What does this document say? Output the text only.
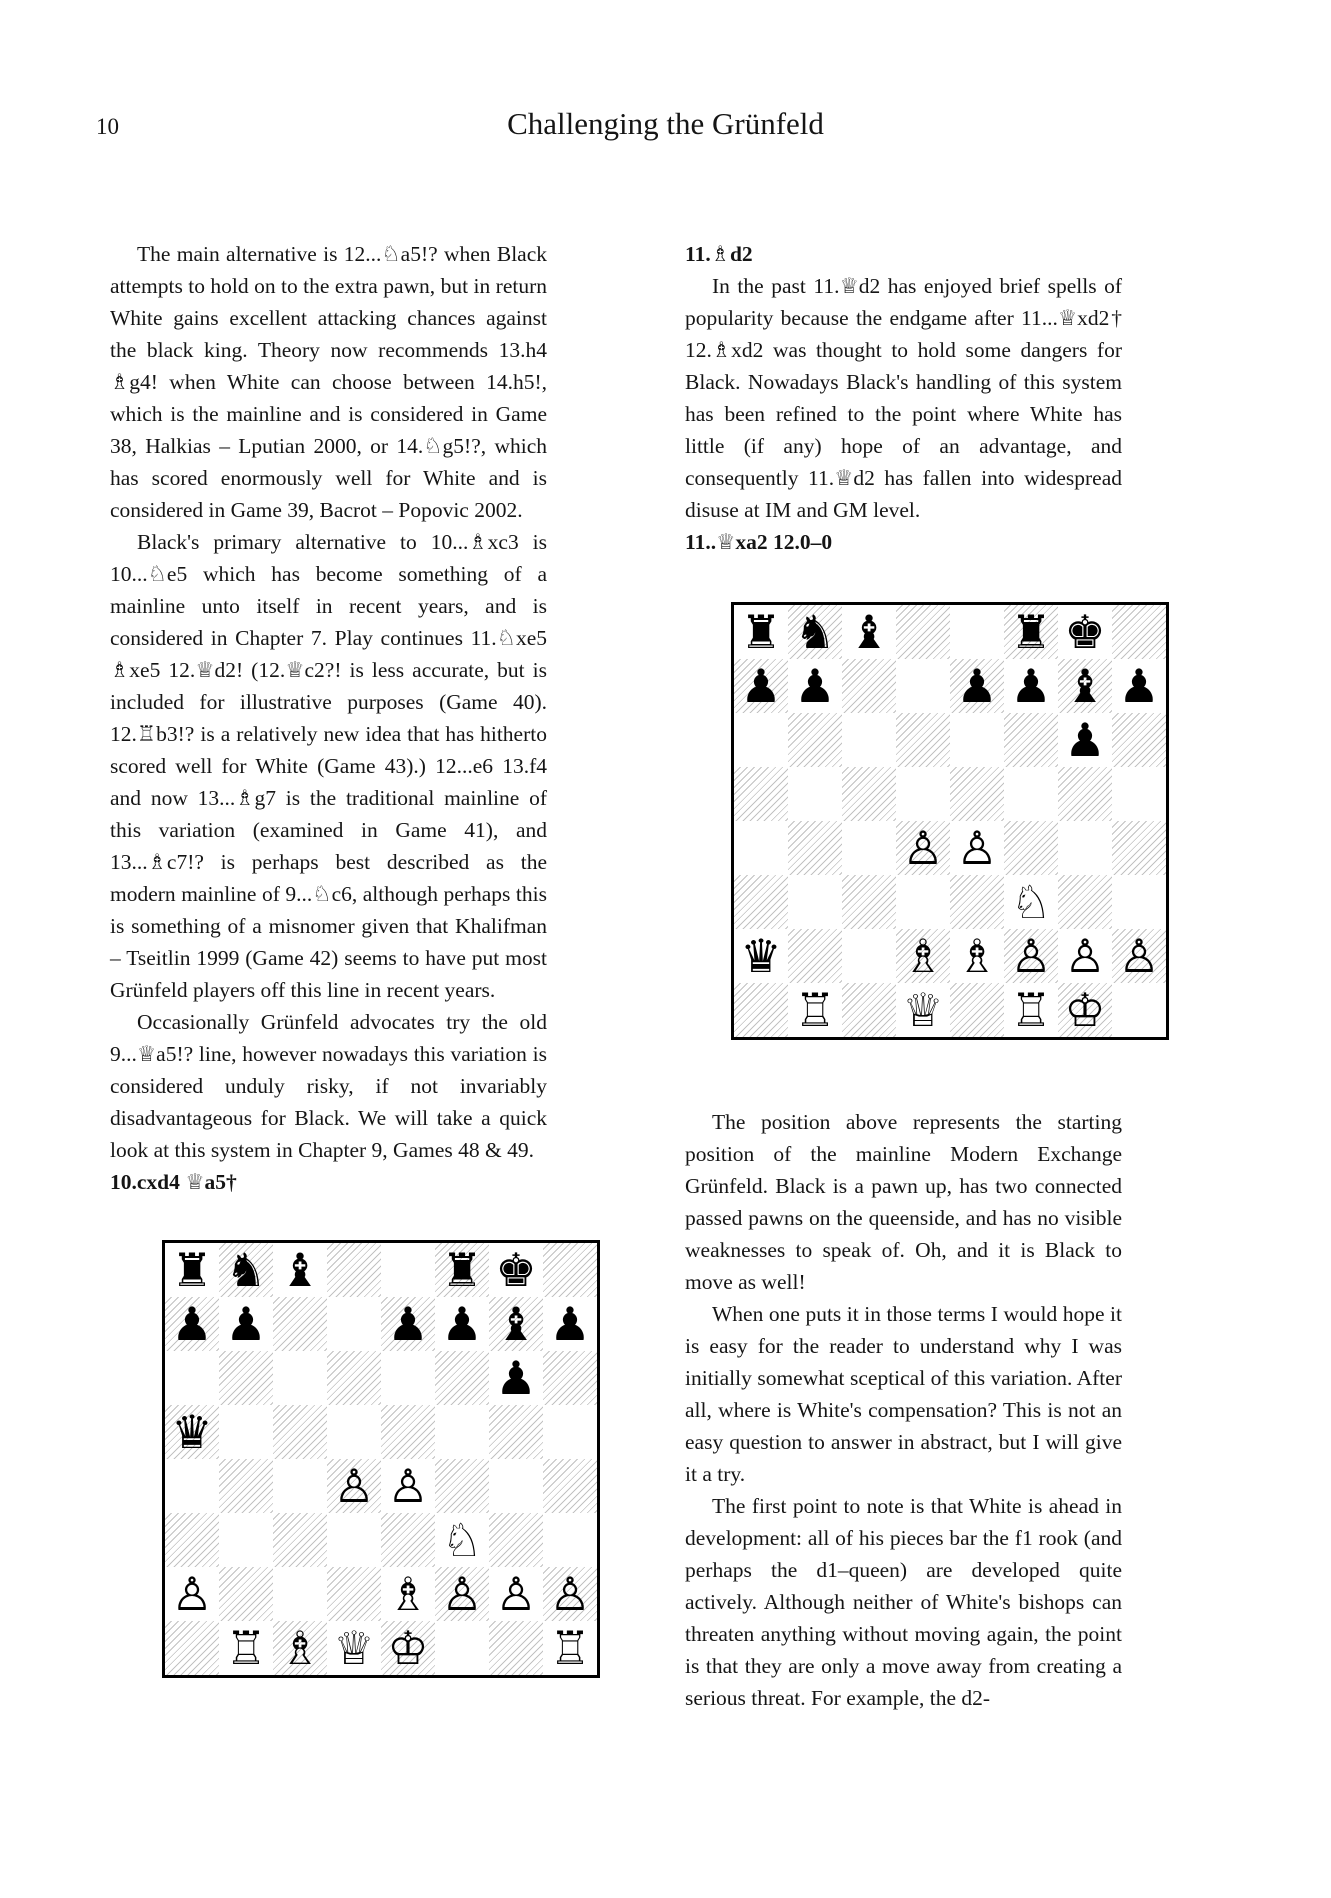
10	Challenging the Grünfeld

The main alternative is 12...♘a5!? when Black attempts to hold on to the extra pawn, but in return White gains excellent attacking chances against the black king. Theory now recommends 13.h4 ♗g4! when White can choose between 14.h5!, which is the mainline and is considered in Game 38, Halkias – Lputian 2000, or 14.♘g5!?, which has scored enormously well for White and is considered in Game 39, Bacrot – Popovic 2002.

Black's primary alternative to 10...♗xc3 is 10...♘e5 which has become something of a mainline unto itself in recent years, and is considered in Chapter 7. Play continues 11.♘xe5 ♗xe5 12.♕d2! (12.♕c2?! is less accurate, but is included for illustrative purposes (Game 40). 12.♖b3!? is a relatively new idea that has hitherto scored well for White (Game 43).) 12...e6 13.f4 and now 13...♗g7 is the traditional mainline of this variation (examined in Game 41), and 13...♗c7!? is perhaps best described as the modern mainline of 9...♘c6, although perhaps this is something of a misnomer given that Khalifman – Tseitlin 1999 (Game 42) seems to have put most Grünfeld players off this line in recent years.

Occasionally Grünfeld advocates try the old 9...♕a5!? line, however nowadays this variation is considered unduly risky, if not invariably disadvantageous for Black. We will take a quick look at this system in Chapter 9, Games 48 & 49.

10.cxd4 ♕a5†

♜ ♞ ♝	♜ ♚
♟ ♟	♟ ♟ ♝ ♟
♟
♛
♙ ♙
♘
♙	♗ ♙ ♙ ♙
♖ ♗ ♕ ♔	♖

11.♗d2

In the past 11.♕d2 has enjoyed brief spells of popularity because the endgame after 11...♕xd2† 12.♗xd2 was thought to hold some dangers for Black. Nowadays Black's handling of this system has been refined to the point where White has little (if any) hope of an advantage, and consequently 11.♕d2 has fallen into widespread disuse at IM and GM level.

11..♕xa2 12.0–0

♜ ♞ ♝	♜ ♚
♟ ♟	♟ ♟ ♝ ♟
♟
♙ ♙
♘
♛	♗ ♗ ♙ ♙ ♙
♖ ♕ ♖ ♔

The position above represents the starting position of the mainline Modern Exchange Grünfeld. Black is a pawn up, has two connected passed pawns on the queenside, and has no visible weaknesses to speak of. Oh, and it is Black to move as well!

When one puts it in those terms I would hope it is easy for the reader to understand why I was initially somewhat sceptical of this variation. After all, where is White's compensation? This is not an easy question to answer in abstract, but I will give it a try.

The first point to note is that White is ahead in development: all of his pieces bar the f1 rook (and perhaps the d1–queen) are developed quite actively. Although neither of White's bishops can threaten anything without moving again, the point is that they are only a move away from creating a serious threat. For example, the d2-
